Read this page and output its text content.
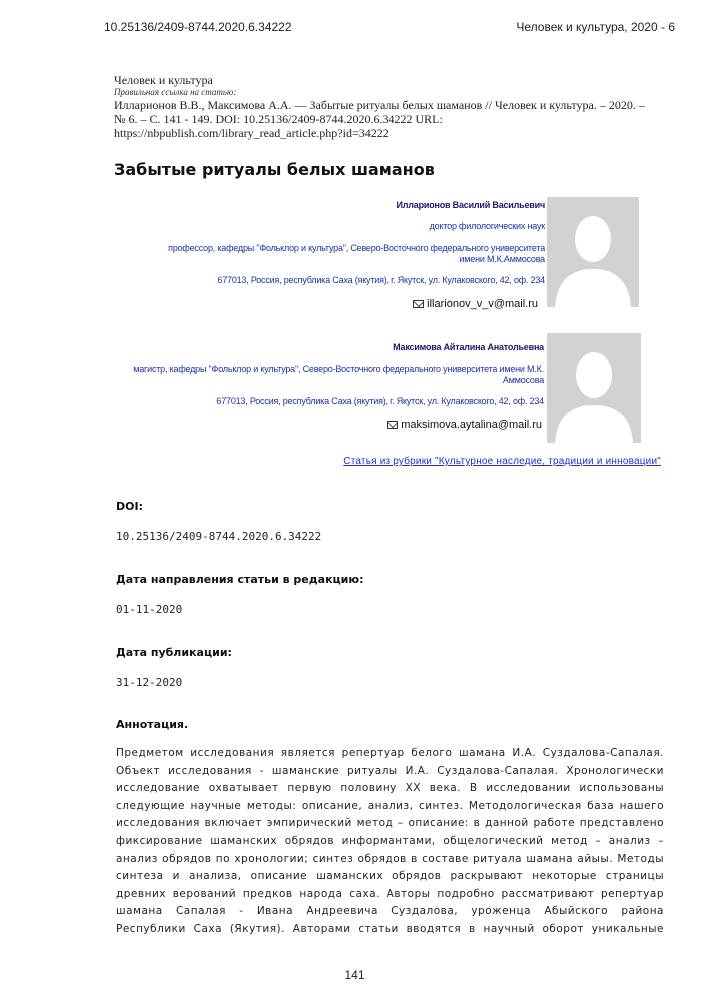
10.25136/2409-8744.2020.6.34222	Человек и культура, 2020 - 6
Человек и культура
Правильная ссылка на статью:
Илларионов В.В., Максимова А.А. — Забытые ритуалы белых шаманов // Человек и культура. – 2020. – № 6. – С. 141 - 149. DOI: 10.25136/2409-8744.2020.6.34222 URL: https://nbpublish.com/library_read_article.php?id=34222
Забытые ритуалы белых шаманов
Илларионов Василий Васильевич
доктор филологических наук
профессор, кафедры "Фольклор и культура", Северо-Восточного федерального университета имени М.К.Аммосова
677013, Россия, республика Саха (якутия), г. Якутск, ул. Кулаковского, 42, оф. 234
illarionov_v_v@mail.ru
Максимова Айталина Анатольевна
магистр, кафедры "Фольклор и культура", Северо-Восточного федерального университета имени М.К. Аммосова
677013, Россия, республика Саха (якутия), г. Якутск, ул. Кулаковского, 42, оф. 234
maksimova.aytalina@mail.ru
Статья из рубрики "Культурное наследие, традиции и инновации"
DOI:
10.25136/2409-8744.2020.6.34222
Дата направления статьи в редакцию:
01-11-2020
Дата публикации:
31-12-2020
Аннотация.
Предметом исследования является репертуар белого шамана И.А. Суздалова-Сапалая.
Объект исследования - шаманские ритуалы И.А. Суздалова-Сапалая. Хронологически
исследование охватывает первую половину XX века. В исследовании использованы
следующие научные методы: описание, анализ, синтез. Методологическая база нашего
исследования включает эмпирический метод – описание: в данной работе представлено
фиксирование шаманских обрядов информантами, общелогический метод – анализ –
анализ обрядов по хронологии; синтез обрядов в составе ритуала шамана айыы. Методы
синтеза и анализа, описание шаманских обрядов раскрывают некоторые страницы
древних верований предков народа саха. Авторы подробно рассматривают репертуар
шамана Сапалая - Ивана Андреевича Суздалова, уроженца Абыйского района
Республики Саха (Якутия). Авторами статьи вводятся в научный оборот уникальные
141
